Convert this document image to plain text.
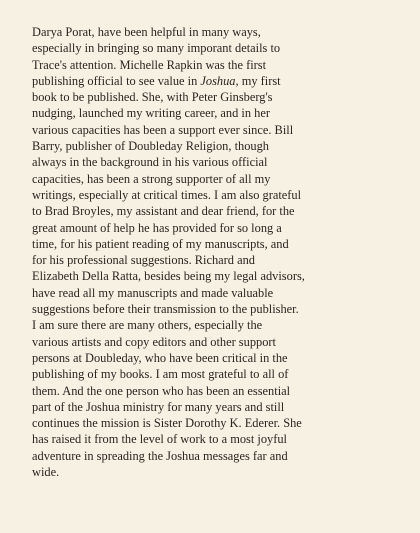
Darya Porat, have been helpful in many ways,
especially in bringing so many imporant details to
Trace's attention. Michelle Rapkin was the first
publishing official to see value in Joshua, my first
book to be published. She, with Peter Ginsberg's
nudging, launched my writing career, and in her
various capacities has been a support ever since. Bill
Barry, publisher of Doubleday Religion, though
always in the background in his various official
capacities, has been a strong supporter of all my
writings, especially at critical times. I am also grateful
to Brad Broyles, my assistant and dear friend, for the
great amount of help he has provided for so long a
time, for his patient reading of my manuscripts, and
for his professional suggestions. Richard and
Elizabeth Della Ratta, besides being my legal advisors,
have read all my manuscripts and made valuable
suggestions before their transmission to the publisher.
I am sure there are many others, especially the
various artists and copy editors and other support
persons at Doubleday, who have been critical in the
publishing of my books. I am most grateful to all of
them. And the one person who has been an essential
part of the Joshua ministry for many years and still
continues the mission is Sister Dorothy K. Ederer. She
has raised it from the level of work to a most joyful
adventure in spreading the Joshua messages far and
wide.
